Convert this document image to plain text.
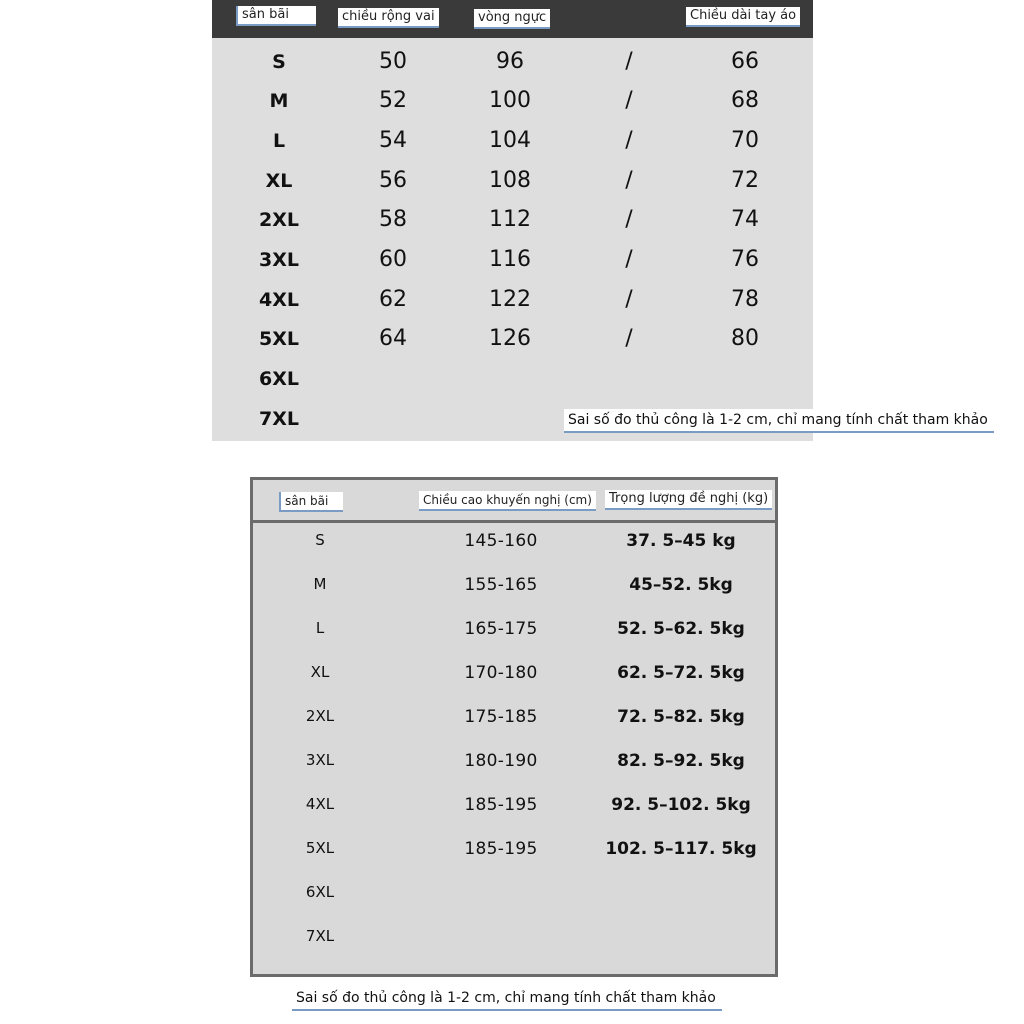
sân bãi	chiều rộng vai	vòng ngực	Chiều dài tay áo
S	50	96	/	66
M	52	100	/	68
L	54	104	/	70
XL	56	108	/	72
2XL	58	112	/	74
3XL	60	116	/	76
4XL	62	122	/	78
5XL	64	126	/	80
6XL
7XL	Sai số đo thủ công là 1-2 cm, chỉ mang tính chất tham khảo
sân bãi	Chiều cao khuyến nghị (cm)	Trọng lượng đề nghị (kg)
S	145-160	37. 5–45 kg
M	155-165	45–52. 5kg
L	165-175	52. 5–62. 5kg
XL	170-180	62. 5–72. 5kg
2XL	175-185	72. 5–82. 5kg
3XL	180-190	82. 5–92. 5kg
4XL	185-195	92. 5–102. 5kg
5XL	185-195	102. 5–117. 5kg
6XL
7XL
Sai số đo thủ công là 1-2 cm, chỉ mang tính chất tham khảo
